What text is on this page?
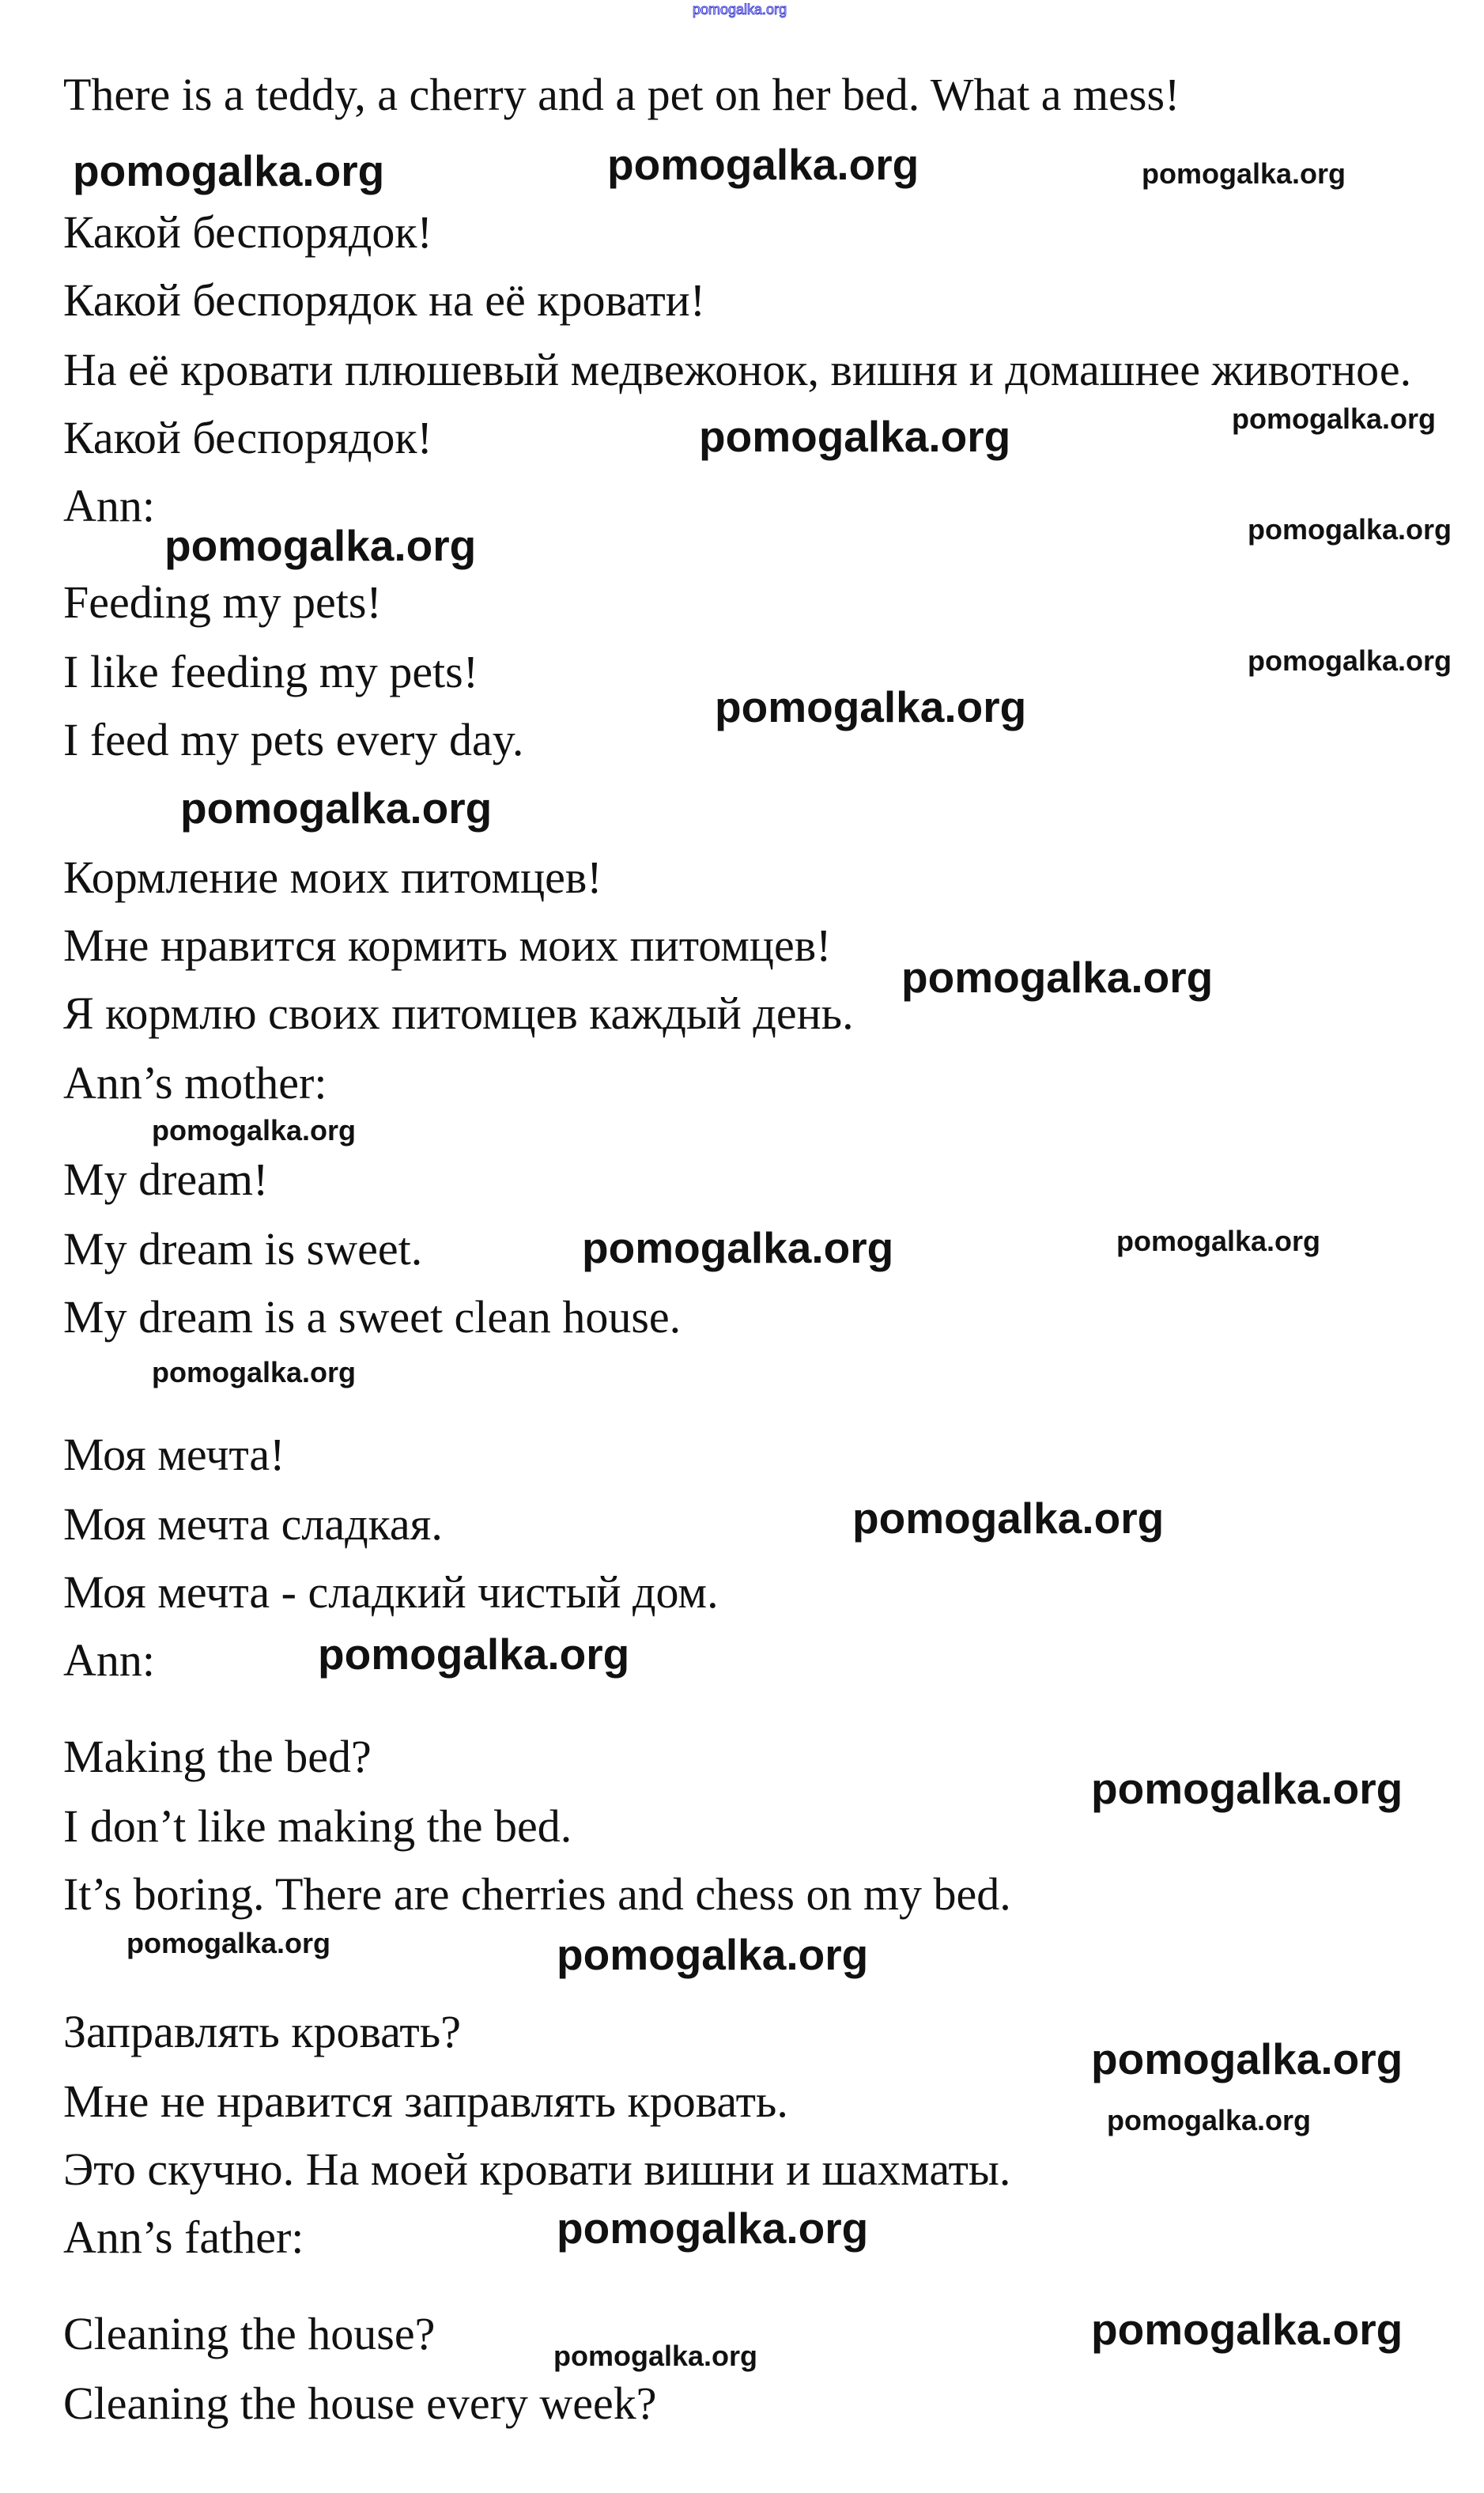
pomogalka.org
There is a teddy, a cherry and a pet on her bed. What a mess!
Какой беспорядок!
Какой беспорядок на её кровати!
На её кровати плюшевый медвежонок, вишня и домашнее животное.
Какой беспорядок!
Ann:
Feeding my pets!
I like feeding my pets!
I feed my pets every day.
Кормление моих питомцев!
Мне нравится кормить моих питомцев!
Я кормлю своих питомцев каждый день.
Ann’s mother:
My dream!
My dream is sweet.
My dream is a sweet clean house.
Моя мечта!
Моя мечта сладкая.
Моя мечта - сладкий чистый дом.
Ann:
Making the bed?
I don’t like making the bed.
It’s boring. There are cherries and chess on my bed.
Заправлять кровать?
Мне не нравится заправлять кровать.
Это скучно. На моей кровати вишни и шахматы.
Ann’s father:
Cleaning the house?
Cleaning the house every week?
pomogalka.org	pomogalka.org
pomogalka.org
pomogalka.org
pomogalka.org
pomogalka.org
pomogalka.org
pomogalka.org
pomogalka.org
pomogalka.org
pomogalka.org
pomogalka.org
pomogalka.org
pomogalka.org
pomogalka.org
pomogalka.org
pomogalka.org
pomogalka.org
pomogalka.org
pomogalka.org
pomogalka.org
pomogalka.org
pomogalka.org
pomogalka.org
pomogalka.org
